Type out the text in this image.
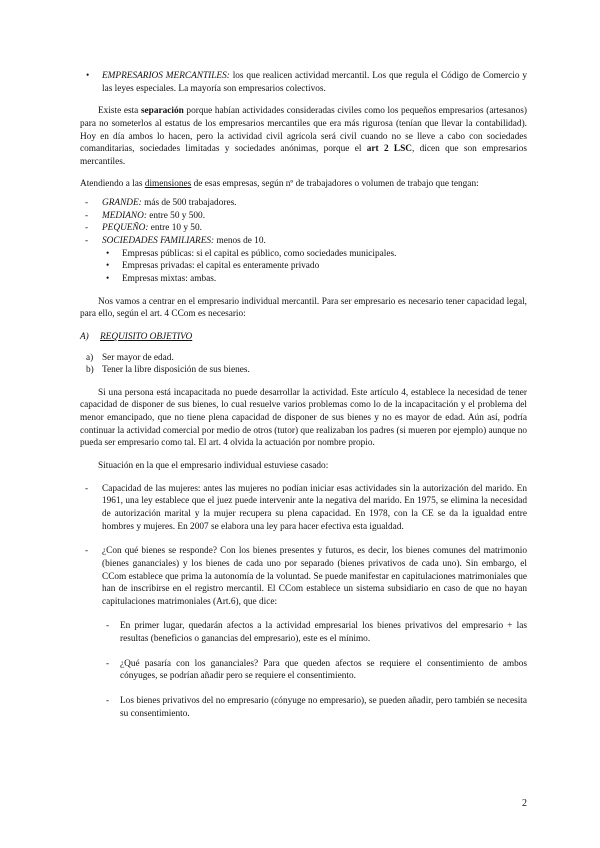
• EMPRESARIOS MERCANTILES: los que realicen actividad mercantil. Los que regula el Código de Comercio y las leyes especiales. La mayoría son empresarios colectivos.

Existe esta separación porque habían actividades consideradas civiles como los pequeños empresarios (artesanos) para no someterlos al estatus de los empresarios mercantiles que era más rigurosa (tenían que llevar la contabilidad). Hoy en día ambos lo hacen, pero la actividad civil agrícola será civil cuando no se lleve a cabo con sociedades comanditarias, sociedades limitadas y sociedades anónimas, porque el art 2 LSC, dicen que son empresarios mercantiles.

Atendiendo a las dimensiones de esas empresas, según nº de trabajadores o volumen de trabajo que tengan:

- GRANDE: más de 500 trabajadores.

- MEDIANO: entre 50 y 500.

- PEQUEÑO: entre 10 y 50.

- SOCIEDADES FAMILIARES: menos de 10.

• Empresas públicas: si el capital es público, como sociedades municipales.

• Empresas privadas: el capital es enteramente privado

• Empresas mixtas: ambas.

Nos vamos a centrar en el empresario individual mercantil. Para ser empresario es necesario tener capacidad legal, para ello, según el art. 4 CCom es necesario:

A) REQUISITO OBJETIVO

a) Ser mayor de edad.

b) Tener la libre disposición de sus bienes.

Si una persona está incapacitada no puede desarrollar la actividad. Este artículo 4, establece la necesidad de tener capacidad de disponer de sus bienes, lo cual resuelve varios problemas como lo de la incapacitación y el problema del menor emancipado, que no tiene plena capacidad de disponer de sus bienes y no es mayor de edad. Aún así, podría continuar la actividad comercial por medio de otros (tutor) que realizaban los padres (si mueren por ejemplo) aunque no pueda ser empresario como tal. El art. 4 olvida la actuación por nombre propio.

Situación en la que el empresario individual estuviese casado:

- Capacidad de las mujeres: antes las mujeres no podían iniciar esas actividades sin la autorización del marido. En 1961, una ley establece que el juez puede intervenir ante la negativa del marido. En 1975, se elimina la necesidad de autorización marital y la mujer recupera su plena capacidad. En 1978, con la CE se da la igualdad entre hombres y mujeres. En 2007 se elabora una ley para hacer efectiva esta igualdad.

- ¿Con qué bienes se responde? Con los bienes presentes y futuros, es decir, los bienes comunes del matrimonio (bienes gananciales) y los bienes de cada uno por separado (bienes privativos de cada uno). Sin embargo, el CCom establece que prima la autonomía de la voluntad. Se puede manifestar en capitulaciones matrimoniales que han de inscribirse en el registro mercantil. El CCom establece un sistema subsidiario en caso de que no hayan capitulaciones matrimoniales (Art.6), que dice:

- En primer lugar, quedarán afectos a la actividad empresarial los bienes privativos del empresario + las resultas (beneficios o ganancias del empresario), este es el mínimo.

- ¿Qué pasaría con los gananciales? Para que queden afectos se requiere el consentimiento de ambos cónyuges, se podrían añadir pero se requiere el consentimiento.

- Los bienes privativos del no empresario (cónyuge no empresario), se pueden añadir, pero también se necesita su consentimiento.

2
